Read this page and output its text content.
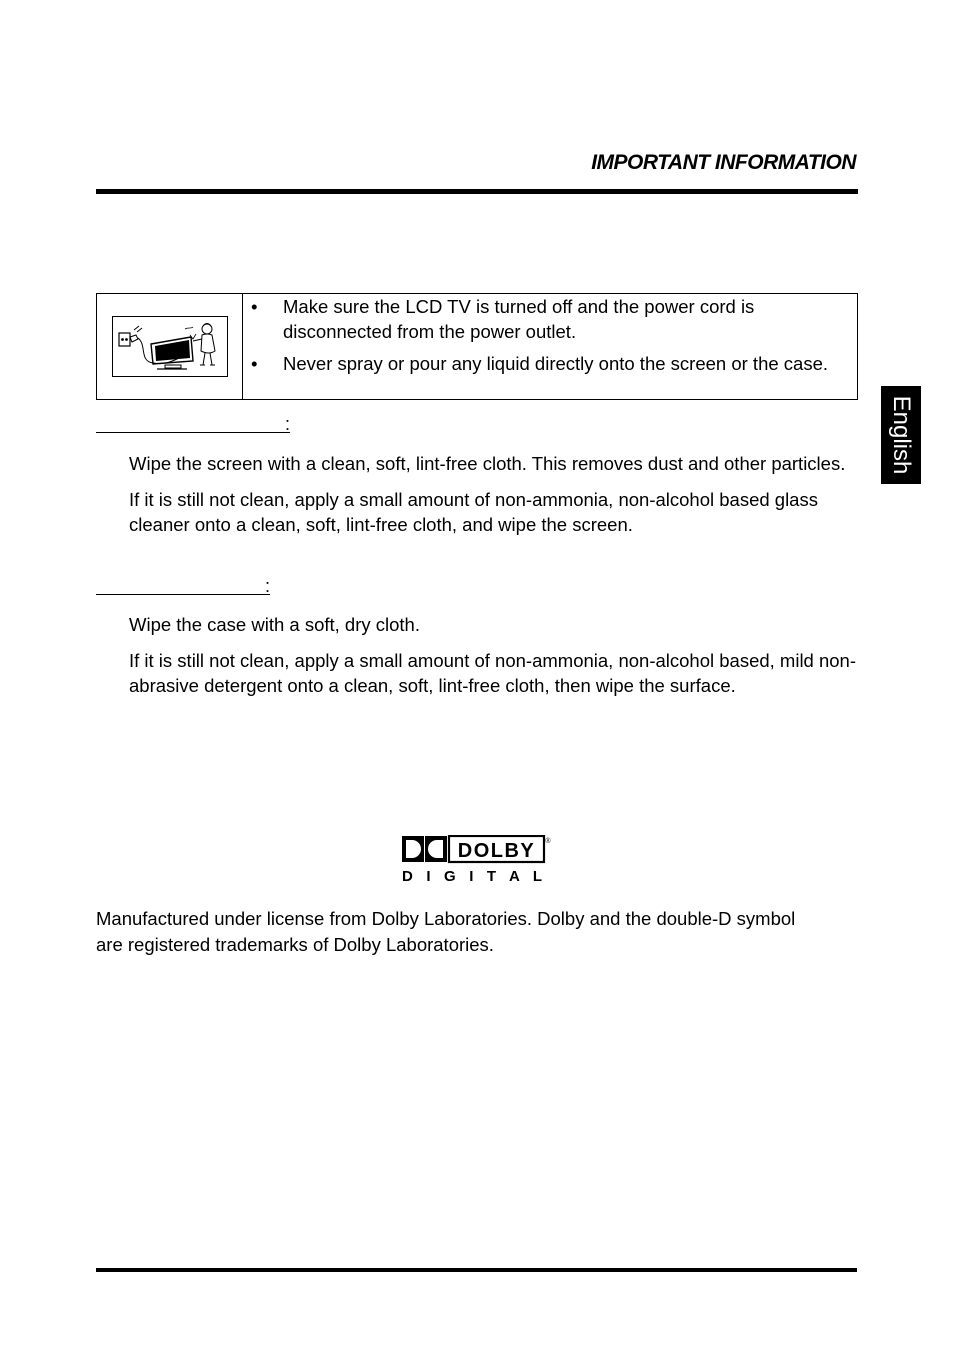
IMPORTANT INFORMATION
English
• Make sure the LCD TV is turned off and the power cord is disconnected from the power outlet.
• Never spray or pour any liquid directly onto the screen or the case.
:

Wipe the screen with a clean, soft, lint-free cloth. This removes dust and other particles.

If it is still not clean, apply a small amount of non-ammonia, non-alcohol based glass cleaner onto a clean, soft, lint-free cloth, and wipe the screen.

:

Wipe the case with a soft, dry cloth.

If it is still not clean, apply a small amount of non-ammonia, non-alcohol based, mild non-abrasive detergent onto a clean, soft, lint-free cloth, then wipe the surface.

DOLBY ®
D I G I T A L
Manufactured under license from Dolby Laboratories. Dolby and the double-D symbol are registered trademarks of Dolby Laboratories.
